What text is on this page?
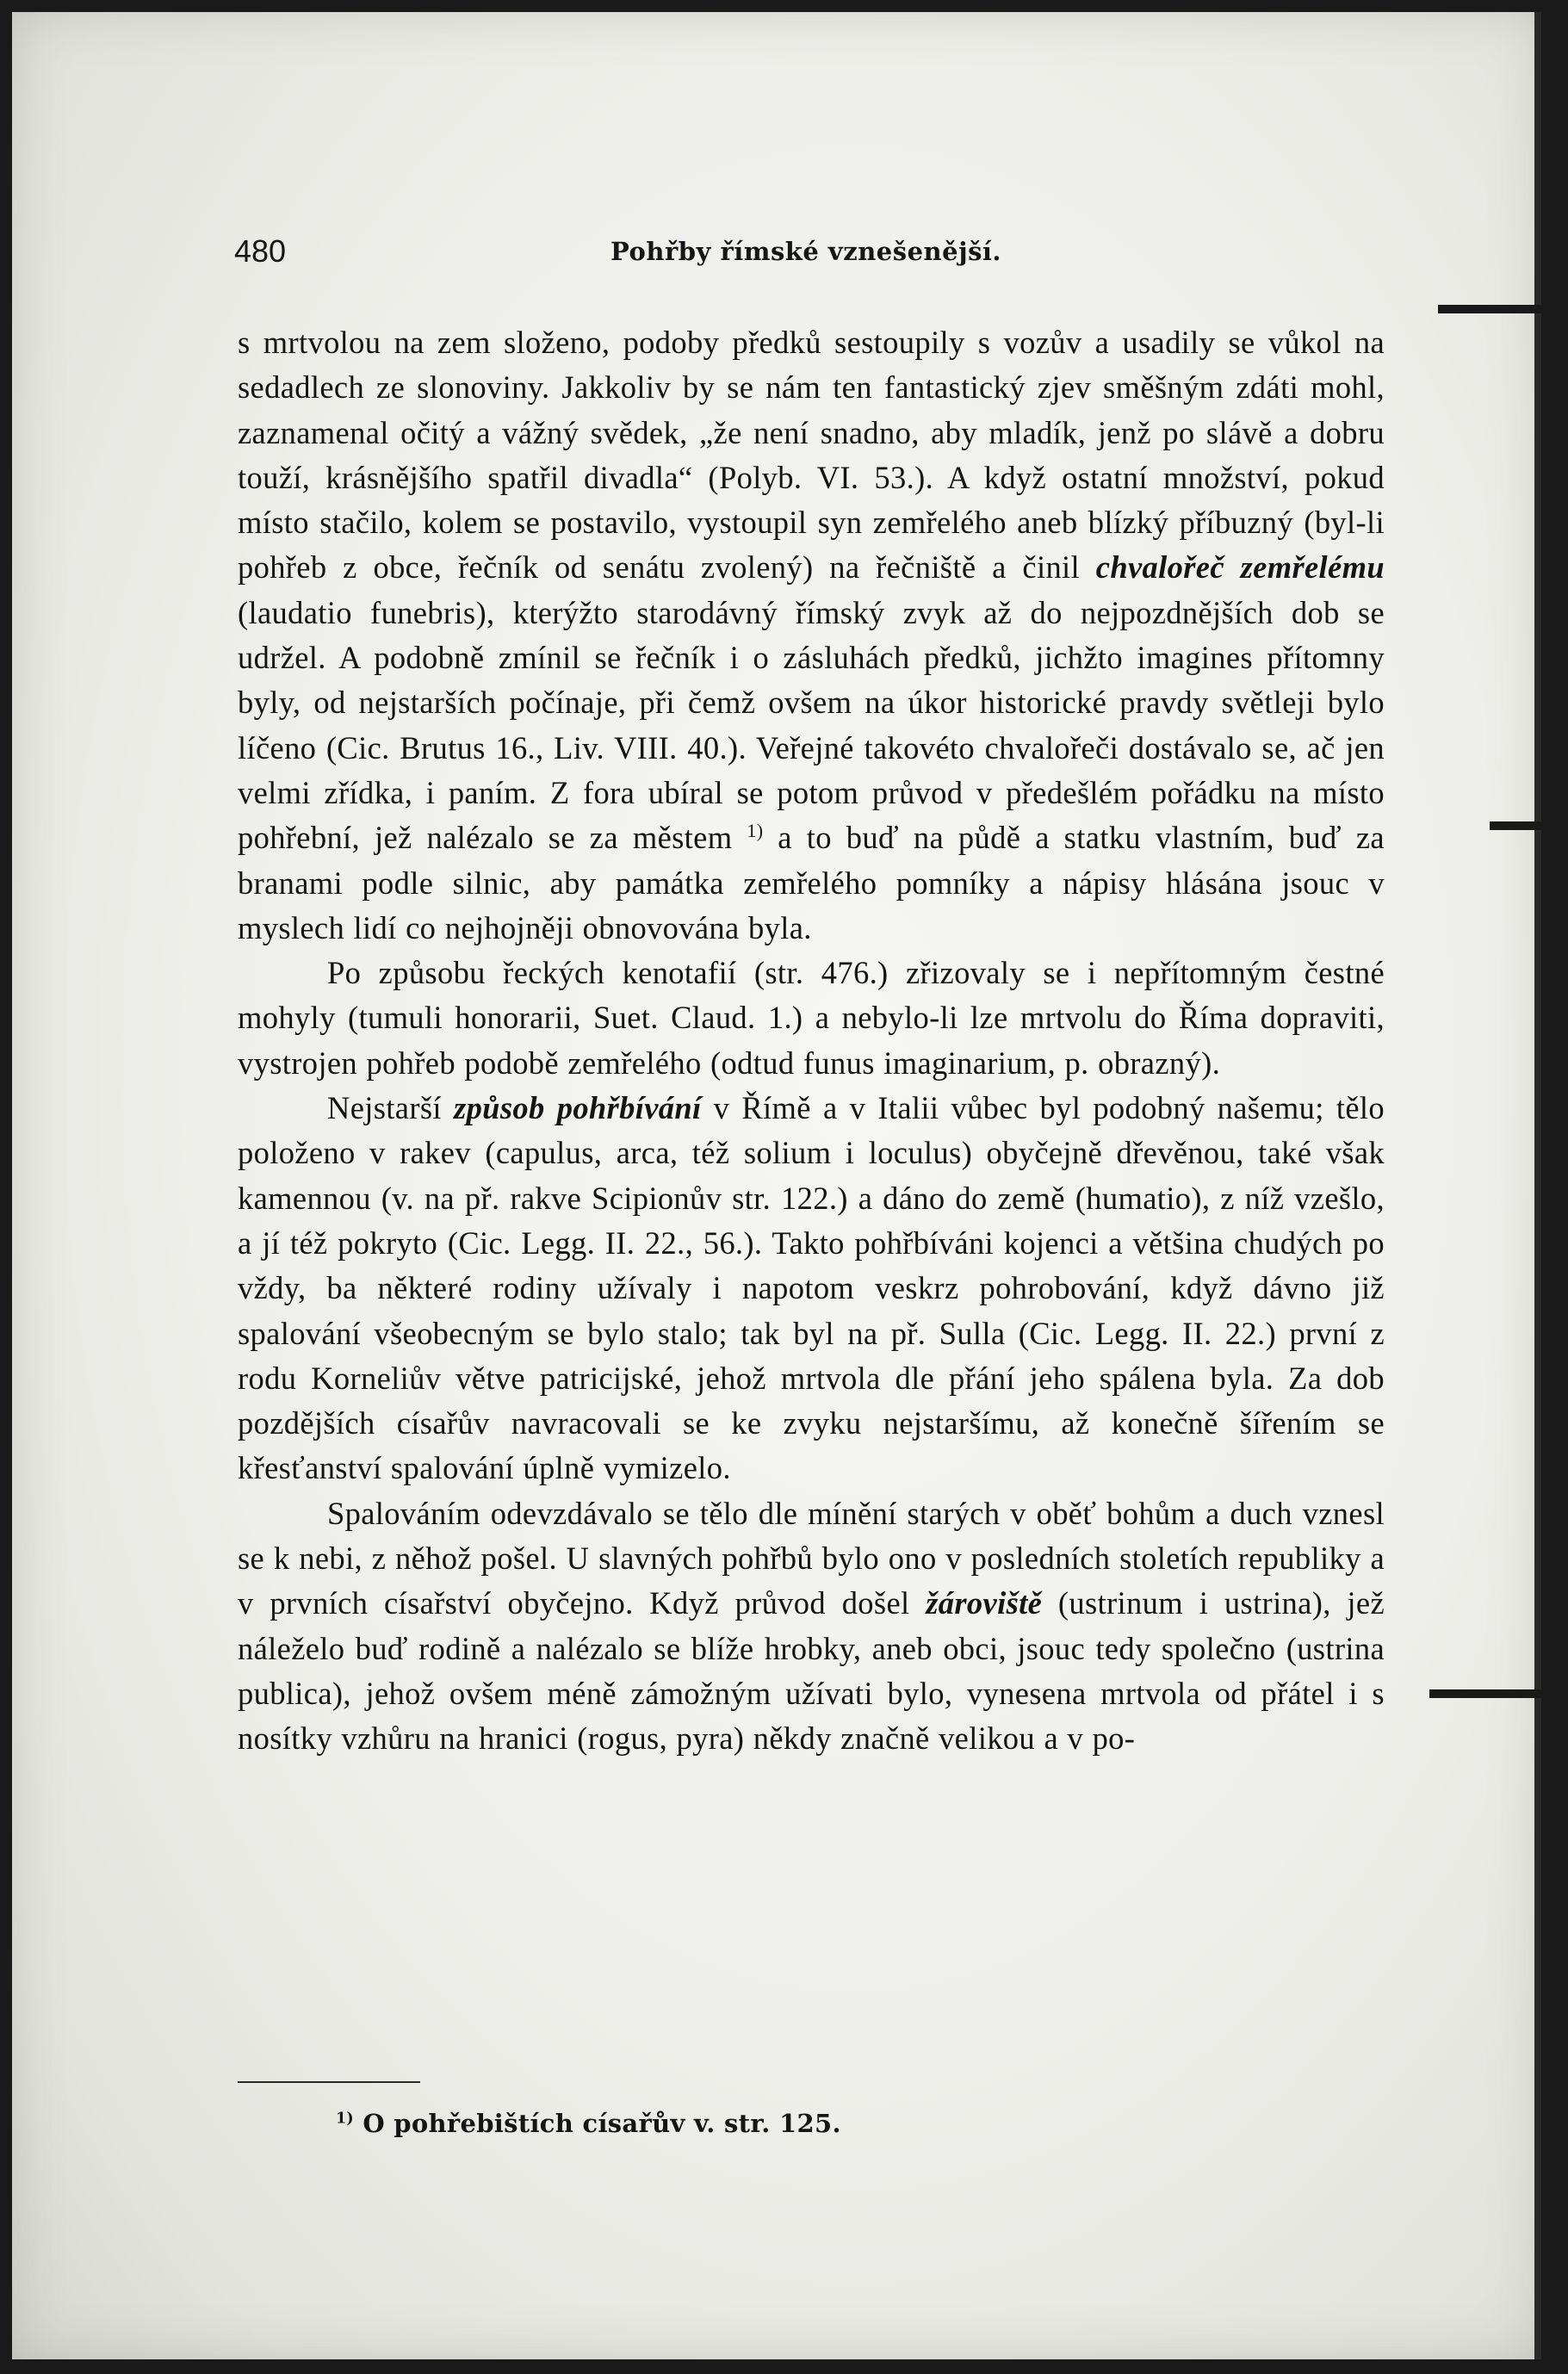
480	Pohřby římské vznešenější.

s mrtvolou na zem složeno, podoby předků sestoupily s vozův a usadily se vůkol na sedadlech ze slonoviny. Jakkoliv by se nám ten fantastický zjev směšným zdáti mohl, zaznamenal očitý a vážný svědek, „že není snadno, aby mladík, jenž po slávě a dobru touží, krásnějšího spatřil divadla“ (Polyb. VI. 53.). A když ostatní množství, pokud místo stačilo, kolem se postavilo, vystoupil syn zemřelého aneb blízký příbuzný (byl-li pohřeb z obce, řečník od senátu zvolený) na řečniště a činil chvalořeč zemřelému (laudatio funebris), kterýžto starodávný římský zvyk až do nejpozdnějších dob se udržel. A podobně zmínil se řečník i o zásluhách předků, jichžto imagines přítomny byly, od nejstarších počínaje, při čemž ovšem na úkor historické pravdy světleji bylo líčeno (Cic. Brutus 16., Liv. VIII. 40.). Veřejné takovéto chvalořeči dostávalo se, ač jen velmi zřídka, i paním. Z fora ubíral se potom průvod v předešlém pořádku na místo pohřební, jež nalézalo se za městem $^{1)}$ a to buď na půdě a statku vlastním, buď za branami podle silnic, aby památka zemřelého pomníky a nápisy hlásána jsouc v myslech lidí co nejhojněji obnovována byla.

Po způsobu řeckých kenotafií (str. 476.) zřizovaly se i nepřítomným čestné mohyly (tumuli honorarii, Suet. Claud. 1.) a nebylo-li lze mrtvolu do Říma dopraviti, vystrojen pohřeb podobě zemřelého (odtud funus imaginarium, p. obrazný).

Nejstarší způsob pohřbívání v Římě a v Italii vůbec byl podobný našemu; tělo položeno v rakev (capulus, arca, též solium i loculus) obyčejně dřevěnou, také však kamennou (v. na př. rakve Scipionův str. 122.) a dáno do země (humatio), z níž vzešlo, a jí též pokryto (Cic. Legg. II. 22., 56.). Takto pohřbíváni kojenci a většina chudých po vždy, ba některé rodiny užívaly i napotom veskrz pohrobování, když dávno již spalování všeobecným se bylo stalo; tak byl na př. Sulla (Cic. Legg. II. 22.) první z rodu Korneliův větve patricijské, jehož mrtvola dle přání jeho spálena byla. Za dob pozdějších císařův navracovali se ke zvyku nejstaršímu, až konečně šířením se křesťanství spalování úplně vymizelo.

Spalováním odevzdávalo se tělo dle mínění starých v oběť bohům a duch vznesl se k nebi, z něhož pošel. U slavných pohřbů bylo ono v posledních stoletích republiky a v prvních císařství obyčejno. Když průvod došel žároviště (ustrinum i ustrina), jež náleželo buď rodině a nalézalo se blíže hrobky, aneb obci, jsouc tedy společno (ustrina publica), jehož ovšem méně zámožným užívati bylo, vynesena mrtvola od přátel i s nosítky vzhůru na hranici (rogus, pyra) někdy značně velikou a v po-

$^{1)}$ O pohřebištích císařův v. str. 125.
